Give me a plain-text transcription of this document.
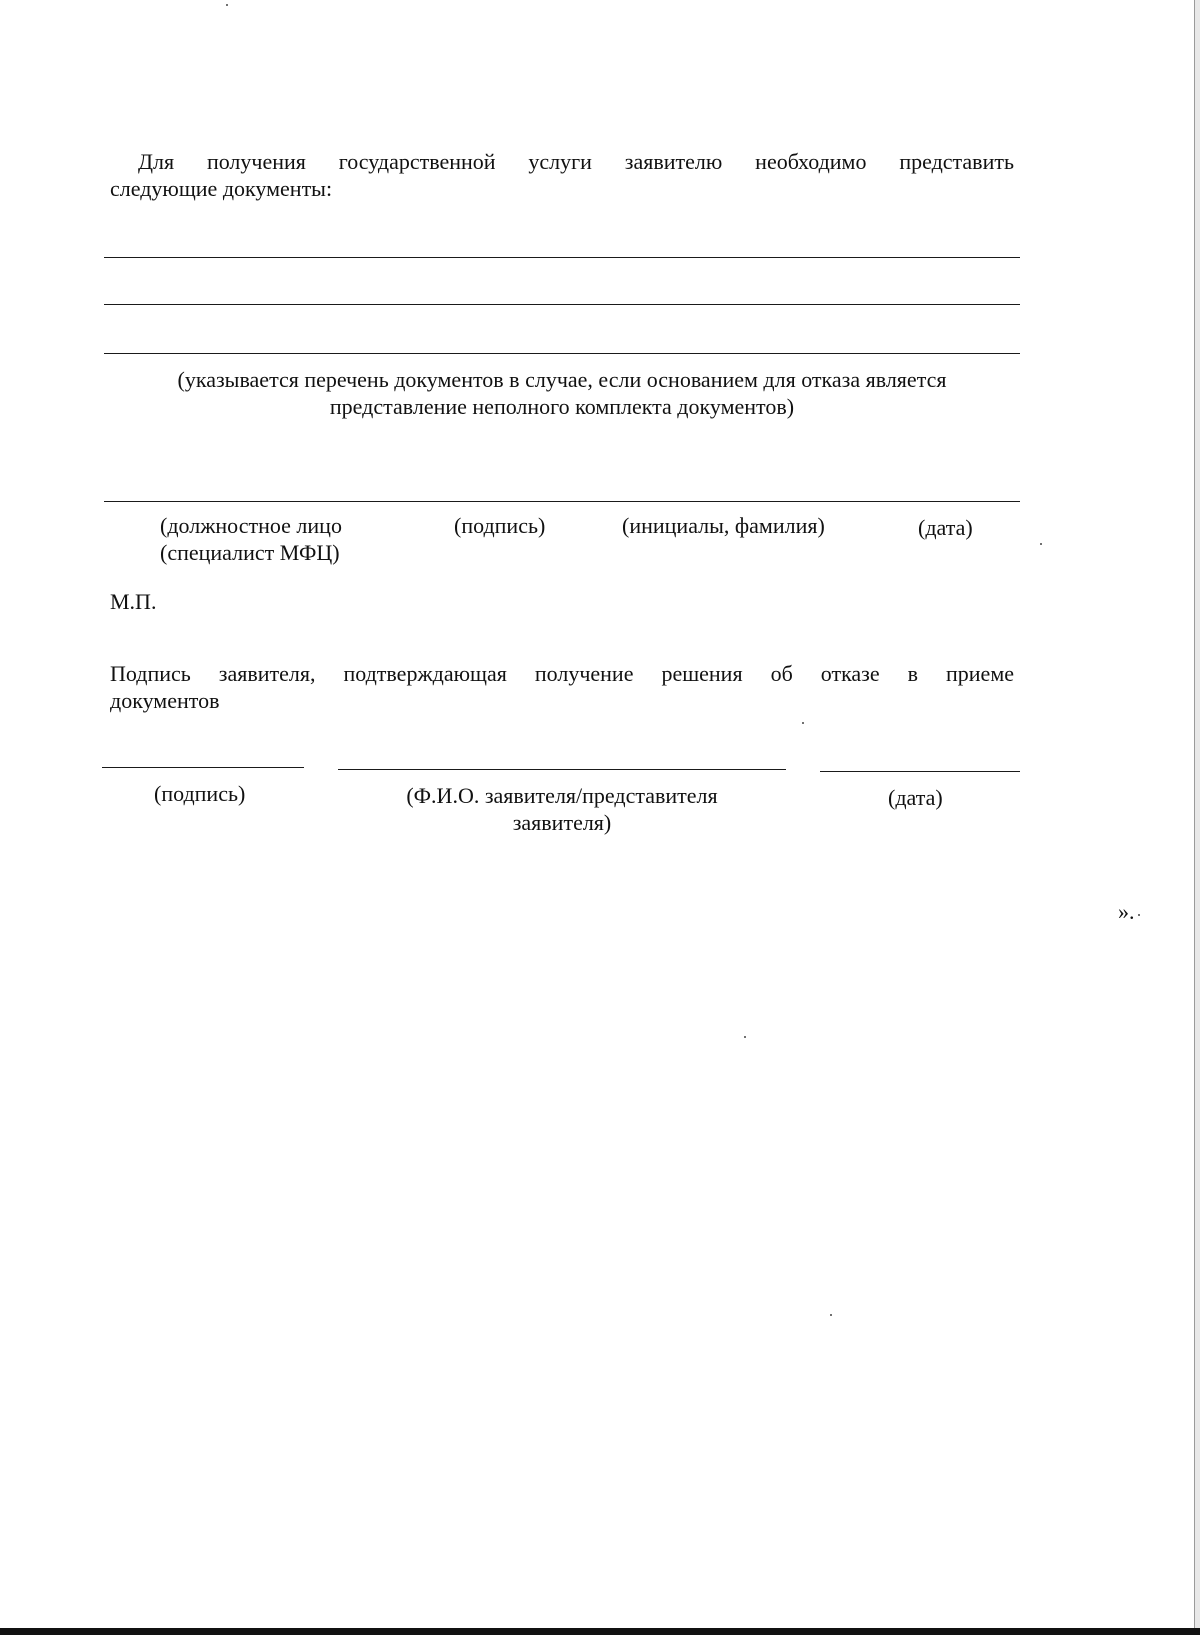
Для получения государственной услуги заявителю необходимо представить
следующие документы:
(указывается перечень документов в случае, если основанием для отказа является
представление неполного комплекта документов)
(должностное лицо
(специалист МФЦ)
(подпись)	(инициалы, фамилия)	(дата)
М.П.
Подпись заявителя, подтверждающая получение решения об отказе в приеме
документов
(подпись)	(Ф.И.О. заявителя/представителя
заявителя)
(дата)
».
